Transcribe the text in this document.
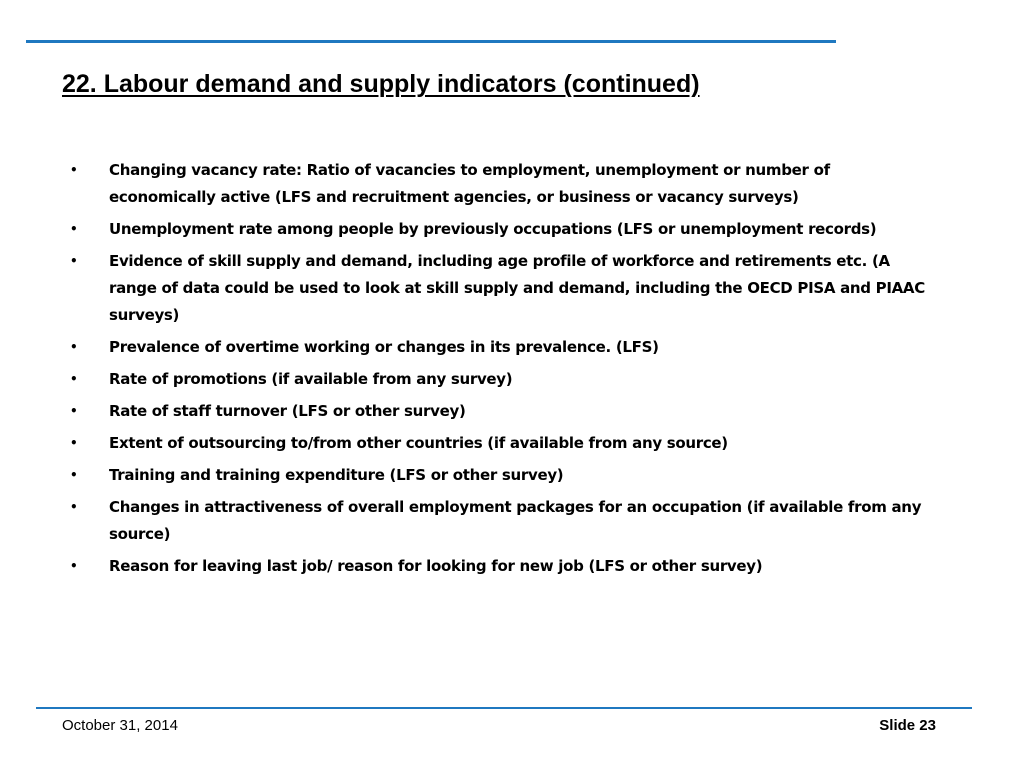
22. Labour demand and supply indicators (continued)
• Changing vacancy rate: Ratio of vacancies to employment, unemployment or number of economically active (LFS and recruitment agencies, or business or vacancy surveys)
• Unemployment rate among people by previously occupations (LFS or unemployment records)
• Evidence of skill supply and demand, including age profile of workforce and retirements etc. (A range of data could be used to look at skill supply and demand, including the OECD PISA and PIAAC surveys)
• Prevalence of overtime working or changes in its prevalence. (LFS)
• Rate of promotions (if available from any survey)
• Rate of staff turnover (LFS or other survey)
• Extent of outsourcing to/from other countries (if available from any source)
• Training and training expenditure (LFS or other survey)
• Changes in attractiveness of overall employment packages for an occupation (if available from any source)
• Reason for leaving last job/ reason for looking for new job (LFS or other survey)
October 31, 2014	Slide 23
